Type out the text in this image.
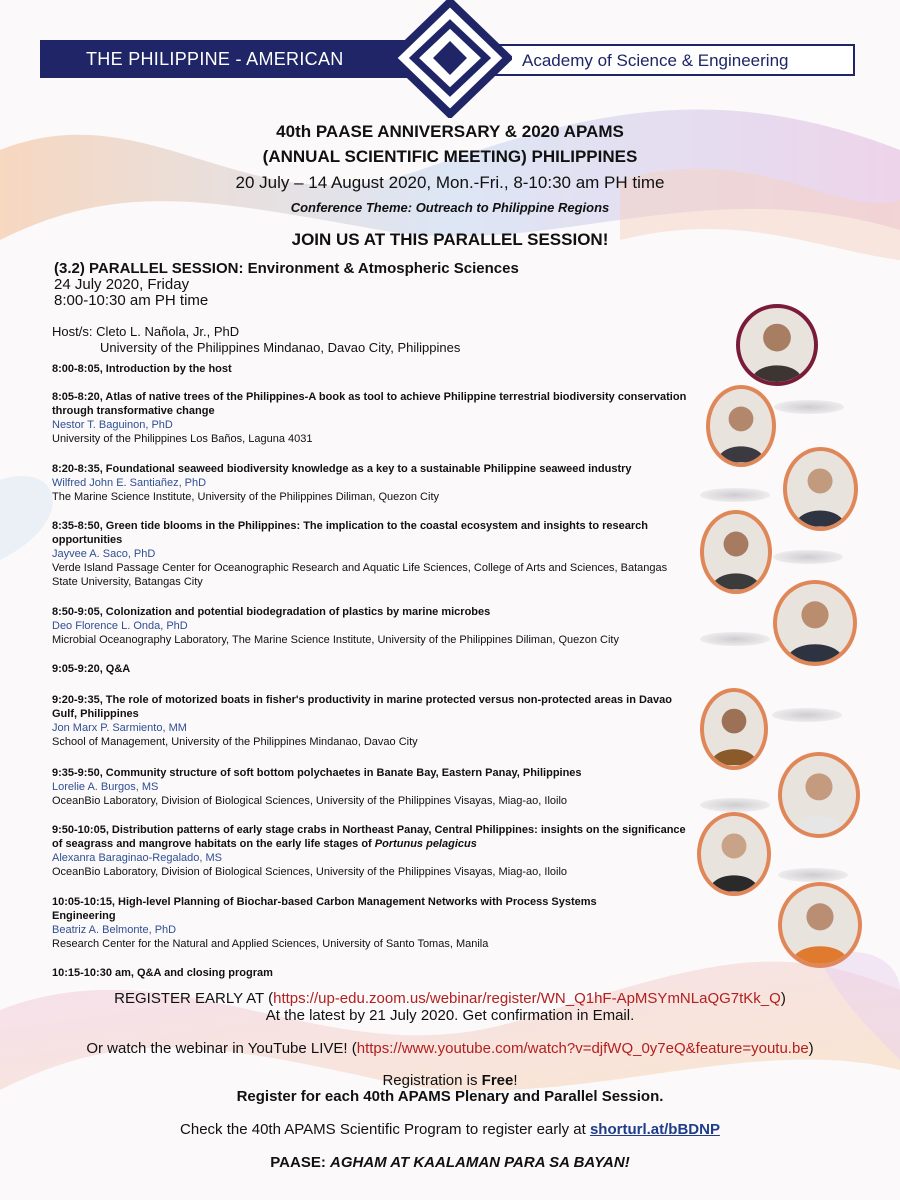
THE PHILIPPINE - AMERICAN	Academy of Science & Engineering
40th PAASE ANNIVERSARY & 2020 APAMS
(ANNUAL SCIENTIFIC MEETING) PHILIPPINES
20 July – 14 August 2020, Mon.-Fri., 8-10:30 am PH time
Conference Theme: Outreach to Philippine Regions
JOIN US AT THIS PARALLEL SESSION!
(3.2) PARALLEL SESSION: Environment & Atmospheric Sciences
24 July 2020, Friday
8:00-10:30 am PH time
Host/s: Cleto L. Nañola, Jr., PhD
University of the Philippines Mindanao, Davao City, Philippines
8:00-8:05, Introduction by the host
8:05-8:20, Atlas of native trees of the Philippines-A book as tool to achieve Philippine terrestrial biodiversity conservation through transformative change
Nestor T. Baguinon, PhD
University of the Philippines Los Baños, Laguna 4031
8:20-8:35, Foundational seaweed biodiversity knowledge as a key to a sustainable Philippine seaweed industry
Wilfred John E. Santiañez, PhD
The Marine Science Institute, University of the Philippines Diliman, Quezon City
8:35-8:50, Green tide blooms in the Philippines: The implication to the coastal ecosystem and insights to research opportunities
Jayvee A. Saco, PhD
Verde Island Passage Center for Oceanographic Research and Aquatic Life Sciences, College of Arts and Sciences, Batangas State University, Batangas City
8:50-9:05, Colonization and potential biodegradation of plastics by marine microbes
Deo Florence L. Onda, PhD
Microbial Oceanography Laboratory, The Marine Science Institute, University of the Philippines Diliman, Quezon City
9:05-9:20, Q&A
9:20-9:35, The role of motorized boats in fisher's productivity in marine protected versus non-protected areas in Davao Gulf, Philippines
Jon Marx P. Sarmiento, MM
School of Management, University of the Philippines Mindanao, Davao City
9:35-9:50, Community structure of soft bottom polychaetes in Banate Bay, Eastern Panay, Philippines
Lorelie A. Burgos, MS
OceanBio Laboratory, Division of Biological Sciences, University of the Philippines Visayas, Miag-ao, Iloilo
9:50-10:05, Distribution patterns of early stage crabs in Northeast Panay, Central Philippines: insights on the significance of seagrass and mangrove habitats on the early life stages of Portunus pelagicus
Alexanra Baraginao-Regalado, MS
OceanBio Laboratory, Division of Biological Sciences, University of the Philippines Visayas, Miag-ao, Iloilo
10:05-10:15, High-level Planning of Biochar-based Carbon Management Networks with Process Systems Engineering
Beatriz A. Belmonte, PhD
Research Center for the Natural and Applied Sciences, University of Santo Tomas, Manila
10:15-10:30 am, Q&A and closing program
REGISTER EARLY AT (https://up-edu.zoom.us/webinar/register/WN_Q1hF-ApMSYmNLaQG7tKk_Q)
At the latest by 21 July 2020. Get confirmation in Email.
Or watch the webinar in YouTube LIVE! (https://www.youtube.com/watch?v=djfWQ_0y7eQ&feature=youtu.be)
Registration is Free!
Register for each 40th APAMS Plenary and Parallel Session.
Check the 40th APAMS Scientific Program to register early at shorturl.at/bBDNP
PAASE: AGHAM AT KAALAMAN PARA SA BAYAN!
